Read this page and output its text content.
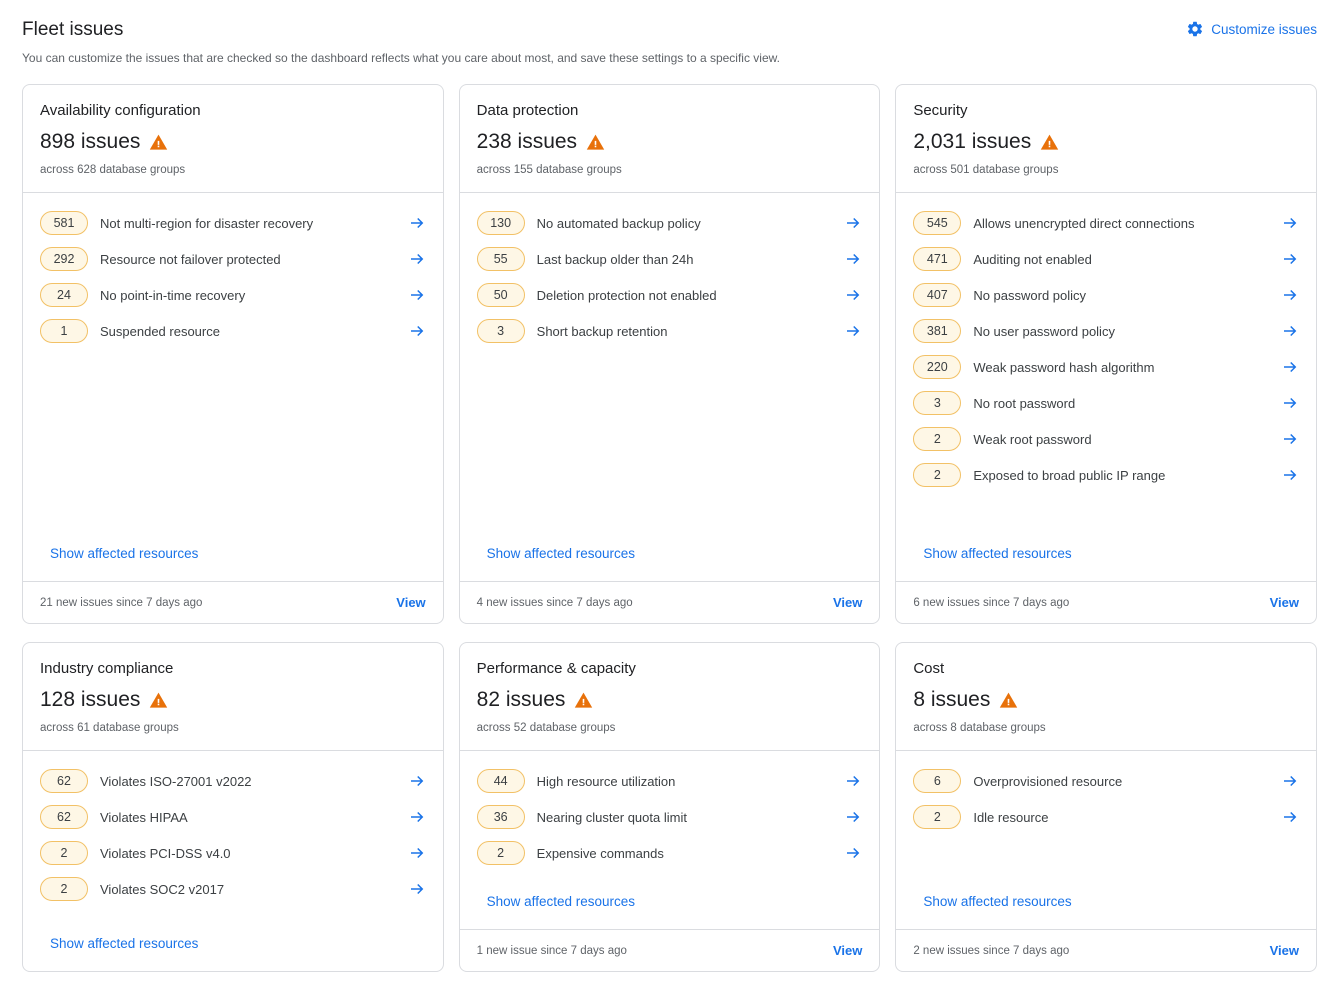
Fleet issues
You can customize the issues that are checked so the dashboard reflects what you care about most, and save these settings to a specific view.
Customize issues
Availability configuration
898 issues
across 628 database groups
581	Not multi-region for disaster recovery
292	Resource not failover protected
24	No point-in-time recovery
1	Suspended resource
Show affected resources
21 new issues since 7 days ago	View
Data protection
238 issues
across 155 database groups
130	No automated backup policy
55	Last backup older than 24h
50	Deletion protection not enabled
3	Short backup retention
Show affected resources
4 new issues since 7 days ago	View
Security
2,031 issues
across 501 database groups
545	Allows unencrypted direct connections
471	Auditing not enabled
407	No password policy
381	No user password policy
220	Weak password hash algorithm
3	No root password
2	Weak root password
2	Exposed to broad public IP range
Show affected resources
6 new issues since 7 days ago	View
Industry compliance
128 issues
across 61 database groups
62	Violates ISO-27001 v2022
62	Violates HIPAA
2	Violates PCI-DSS v4.0
2	Violates SOC2 v2017
Show affected resources
Performance & capacity
82 issues
across 52 database groups
44	High resource utilization
36	Nearing cluster quota limit
2	Expensive commands
Show affected resources
1 new issue since 7 days ago	View
Cost
8 issues
across 8 database groups
6	Overprovisioned resource
2	Idle resource
Show affected resources
2 new issues since 7 days ago	View
